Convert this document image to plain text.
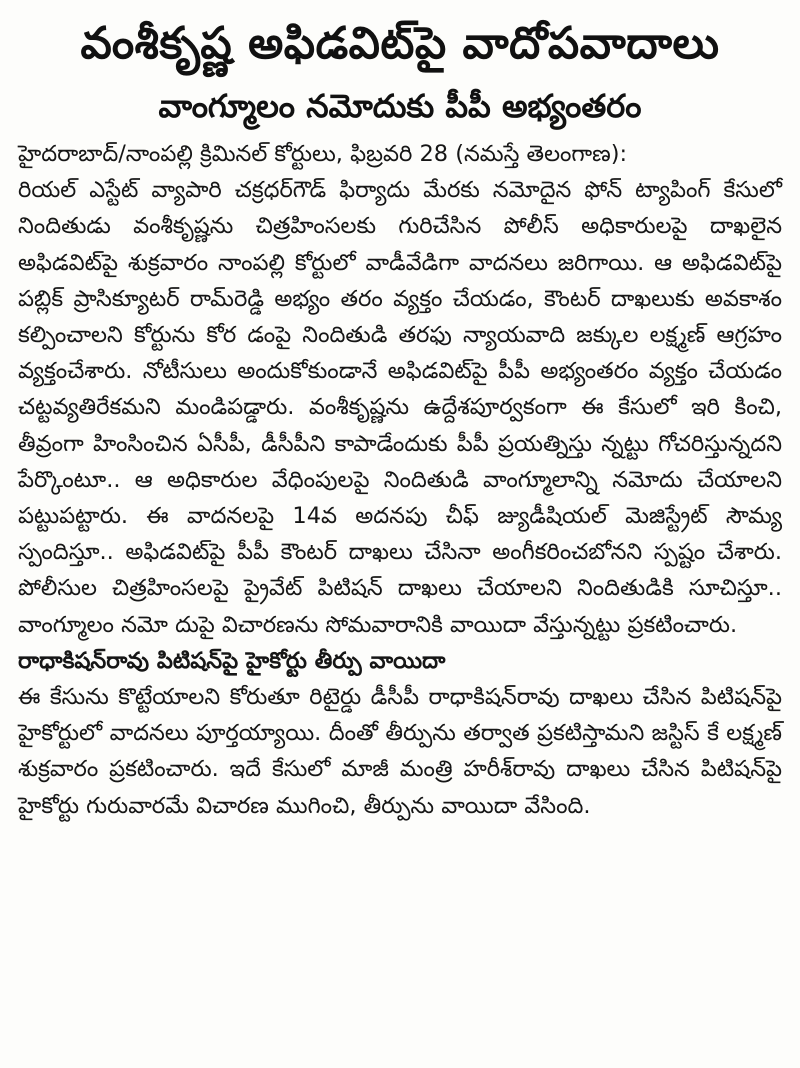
వంశీకృష్ణ అఫిడవిట్‌పై వాదోపవాదాలు
వాంగ్మూలం నమోదుకు పీపీ అభ్యంతరం

హైదరాబాద్‌/నాంపల్లి క్రిమినల్‌ కోర్టులు, ఫిబ్రవరి 28 (నమస్తే తెలంగాణ):

రియల్‌ ఎస్టేట్‌ వ్యాపారి చక్రధర్‌గౌడ్‌ ఫిర్యాదు మేరకు నమోదైన ఫోన్‌ ట్యాపింగ్‌ కేసులో నిందితుడు వంశీకృష్ణను చిత్రహింసలకు గురిచేసిన పోలీస్‌ అధికారులపై దాఖలైన అఫిడవిట్‌పై శుక్రవారం నాంపల్లి కోర్టులో వాడీవేడిగా వాదనలు జరిగాయి. ఆ అఫిడవిట్‌పై పబ్లిక్‌ ప్రాసిక్యూటర్‌ రామ్‌రెడ్డి అభ్యం తరం వ్యక్తం చేయడం, కౌంటర్‌ దాఖలుకు అవకాశం కల్పించాలని కోర్టును కోర డంపై నిందితుడి తరఫు న్యాయవాది జక్కుల లక్ష్మణ్‌ ఆగ్రహం వ్యక్తంచేశారు. నోటీసులు అందుకోకుండానే అఫిడవిట్‌పై పీపీ అభ్యంతరం వ్యక్తం చేయడం చట్టవ్యతిరేకమని మండిపడ్డారు. వంశీకృష్ణను ఉద్దేశపూర్వకంగా ఈ కేసులో ఇరి కించి, తీవ్రంగా హింసించిన ఏసీపీ, డీసీపీని కాపాడేందుకు పీపీ ప్రయత్నిస్తు న్నట్టు గోచరిస్తున్నదని పేర్కొంటూ.. ఆ అధికారుల వేధింపులపై నిందితుడి వాంగ్మూలాన్ని నమోదు చేయాలని పట్టుపట్టారు. ఈ వాదనలపై 14వ అదనపు చీఫ్‌ జ్యుడీషియల్‌ మెజిస్ట్రేట్‌ సౌమ్య స్పందిస్తూ.. అఫిడవిట్‌పై పీపీ కౌంటర్‌ దాఖలు చేసినా అంగీకరించబోనని స్పష్టం చేశారు. పోలీసుల చిత్రహింసలపై ప్రైవేట్‌ పిటిషన్‌ దాఖలు చేయాలని నిందితుడికి సూచిస్తూ.. వాంగ్మూలం నమో దుపై విచారణను సోమవారానికి వాయిదా వేస్తున్నట్టు ప్రకటించారు.

రాధాకిషన్‌రావు పిటిషన్‌పై హైకోర్టు తీర్పు వాయిదా

ఈ కేసును కొట్టేయాలని కోరుతూ రిటైర్డు డీసీపీ రాధాకిషన్‌రావు దాఖలు చేసిన పిటిషన్‌పై హైకోర్టులో వాదనలు పూర్తయ్యాయి. దీంతో తీర్పును తర్వాత ప్రకటిస్తామని జస్టిస్‌ కే లక్ష్మణ్‌ శుక్రవారం ప్రకటించారు. ఇదే కేసులో మాజీ మంత్రి హరీశ్‌రావు దాఖలు చేసిన పిటిషన్‌పై హైకోర్టు గురువారమే విచారణ ముగించి, తీర్పును వాయిదా వేసింది.
